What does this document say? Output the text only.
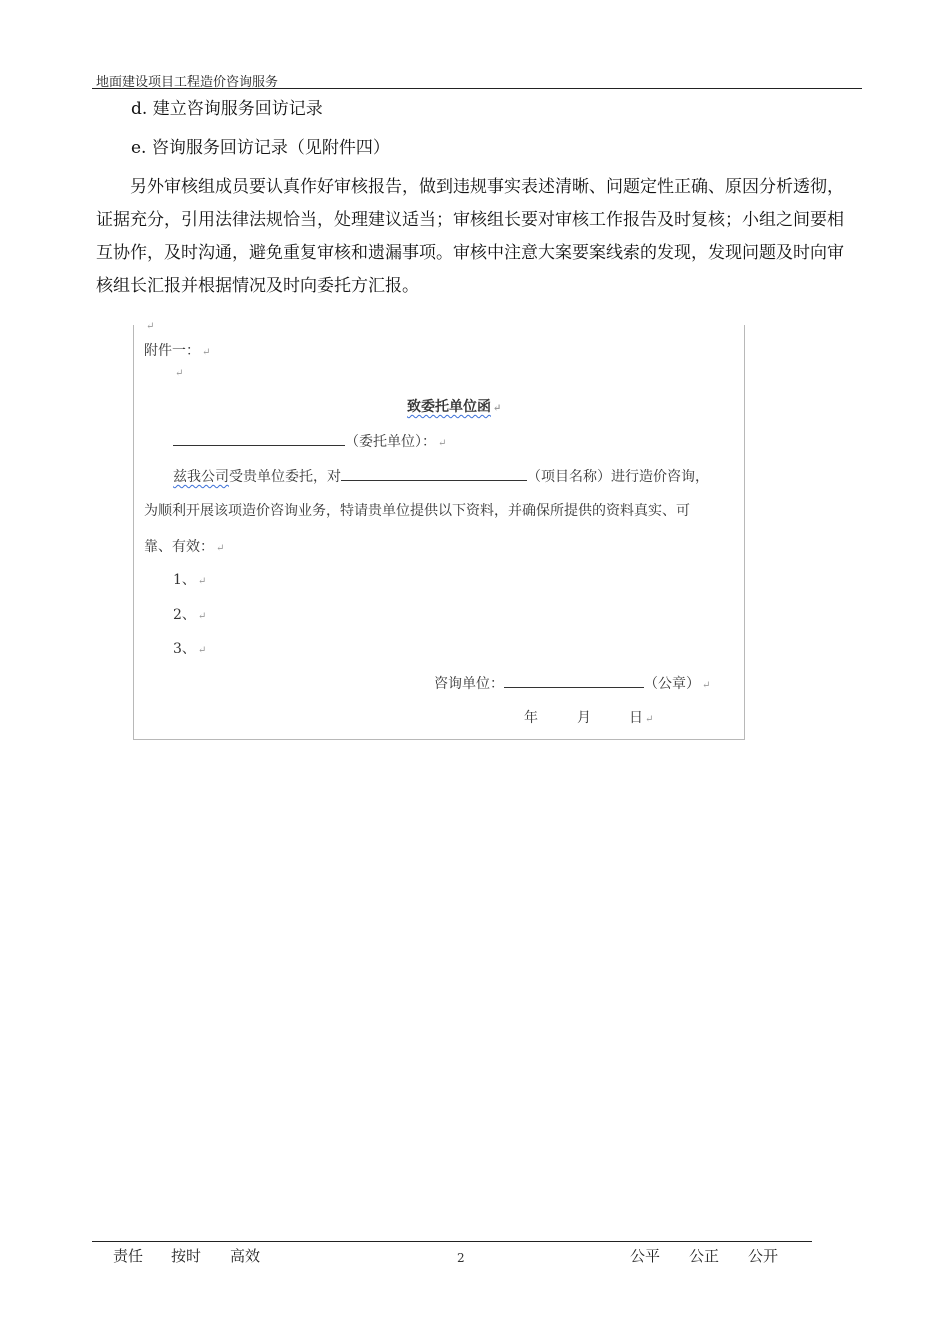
地面建设项目工程造价咨询服务
d. 建立咨询服务回访记录
e. 咨询服务回访记录（见附件四）

另外审核组成员要认真作好审核报告，做到违规事实表述清晰、问题定性正确、原因分析透彻，证据充分，引用法律法规恰当，处理建议适当；审核组长要对审核工作报告及时复核；小组之间要相互协作，及时沟通，避免重复审核和遗漏事项。审核中注意大案要案线索的发现，发现问题及时向审核组长汇报并根据情况及时向委托方汇报。

↵
附件一： ↵
↵
致委托单位函 ↵
（委托单位）： ↵
兹我公司受贵单位委托，对	（项目名称）进行造价咨询，
为顺利开展该项造价咨询业务，特请贵单位提供以下资料，并确保所提供的资料真实、可
靠、有效： ↵
1、 ↵
2、 ↵
3、 ↵
咨询单位：	（公章） ↵
年	月	日 ↵
责任 按时 高效	2	公平 公正 公开
